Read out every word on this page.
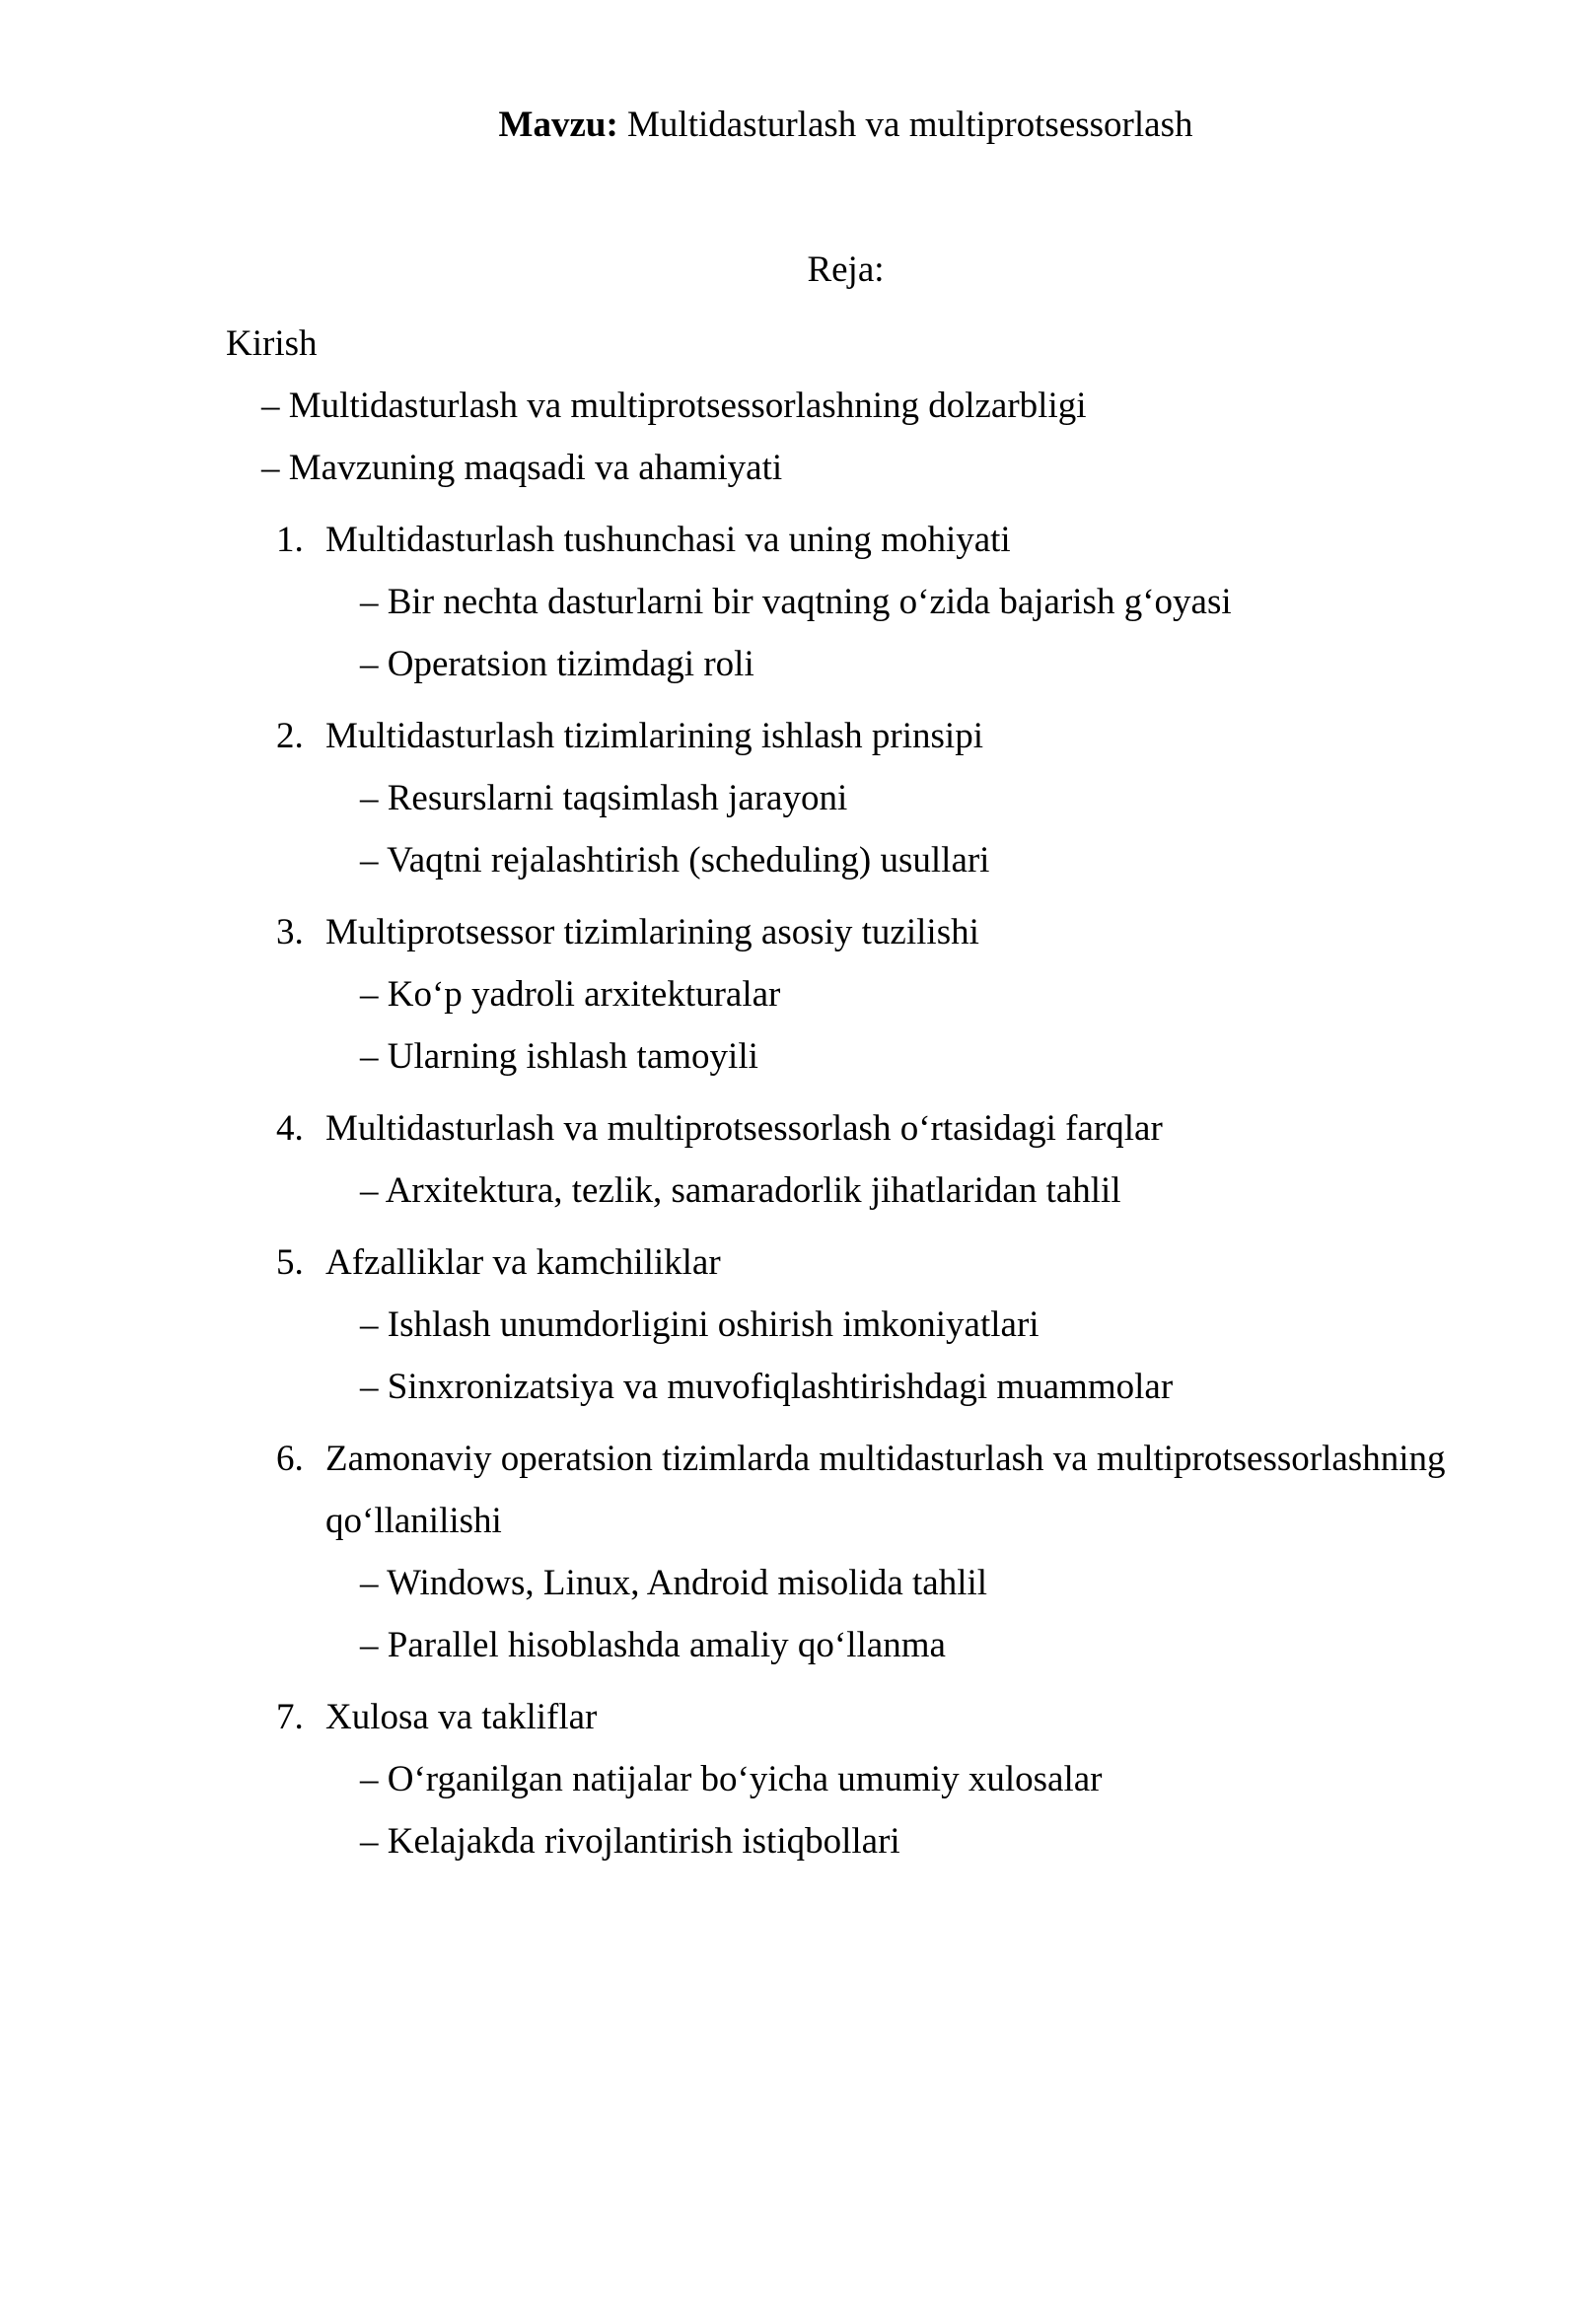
Mavzu: Multidasturlash va multiprotsessorlash

Reja:

Kirish

– Multidasturlash va multiprotsessorlashning dolzarbligi

– Mavzuning maqsadi va ahamiyati

1. Multidasturlash tushunchasi va uning mohiyati

– Bir nechta dasturlarni bir vaqtning oʻzida bajarish gʻoyasi

– Operatsion tizimdagi roli

2. Multidasturlash tizimlarining ishlash prinsipi

– Resurslarni taqsimlash jarayoni

– Vaqtni rejalashtirish (scheduling) usullari

3. Multiprotsessor tizimlarining asosiy tuzilishi

– Koʻp yadroli arxitekturalar

– Ularning ishlash tamoyili

4. Multidasturlash va multiprotsessorlash oʻrtasidagi farqlar

– Arxitektura, tezlik, samaradorlik jihatlaridan tahlil

5. Afzalliklar va kamchiliklar

– Ishlash unumdorligini oshirish imkoniyatlari

– Sinxronizatsiya va muvofiqlashtirishdagi muammolar

6. Zamonaviy operatsion tizimlarda multidasturlash va multiprotsessorlashning qoʻllanilishi

– Windows, Linux, Android misolida tahlil

– Parallel hisoblashda amaliy qoʻllanma

7. Xulosa va takliflar

– Oʻrganilgan natijalar boʻyicha umumiy xulosalar

– Kelajakda rivojlantirish istiqbollari
